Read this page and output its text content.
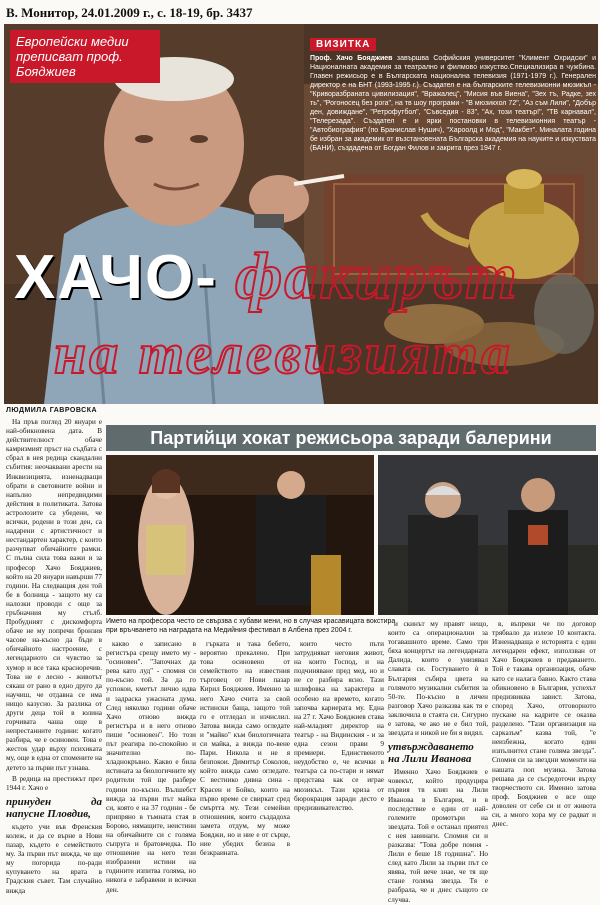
В. Монитор, 24.01.2009 г., с. 18-19, бр. 3437
Европейски медии преписват проф. Бояджиев
ВИЗИТКА
Проф. Хачо Бояджиев завършва Софийския университет "Климент Охридски" и Националната академия за театрално и филмово изкуство.Специализира в чужбина. Главен режисьор е в Българската национална телевизия (1971-1979 г.). Генерален директор е на БНТ (1993-1995 г.). Създател е на българските телевизионни мюзикъл - "Криворазбраната цивилизация", "Вражалец", "Мисия във Виена", "Зех тъ, Радке, зех ть", "Рогоносец без рога", на тв шоу програми - "В мюзикхол 72", "Аз съм Лили", "Добър ден, довиждане", "Ретрофутбол", "Съвседия - 83", "Ах, този театър!", "ТВ карнавал", "Телерезада". Създател е и ярки постановки в телевизионния театър - "Автобиография" (по Бранислав Нушич), "Хароолд и Мод", "Макбет". Миналата година бе избран за академик от възстановената Българска академия на науките и изкуствата (БАНИ), създадена от Богдан Филов и закрита през 1947 г.
ХАЧО- факирът
на телевизията
ЛЮДМИЛА ГАВРОВСКА

На пръв поглед 20 януари е най-обикновена дата. В действителност обаче камризмият пръст на съдбата с сбрал в нея редица скандални събития: неочаквани арести на Инквизицията, изненадващи обрати в световните войни и напълно непредвидими действия в политиката. Затова астролозите са убедени, че всички, родени в този ден, са надарени с артистичност и нестандартен характер, с които разчупват обичайните рамки. С пълна сила това важи и за професор Хачо Бояджиев, който на 20 януари навърши 77 години. На следващия ден той бе в болница - защото му са налозки проводи с още за гръбначния му стълб. Пробудният с дискомфорта обаче не му попречи бронзия часове на-късно да бъде в обичайното настроение, с легендарното си чувство за хумор и все така красноречив. Това не е лесно - животът сякаш от рано в едно друго да научиш, че отдавна се има нищо казусно. За разлика от други деца той в юлина горчивата чаша още в непрестанните години: когато разбира, че е осиновен. Това е жесток удар върху психиката му, още в една от спомените на детето за първи път узнава.

В редица на престижът през 1944 г. Хачо е

принуден да напусне Пловдив,

където учи във Френския колеж, и да се върне в Нови пазар, където е семейството му. За първи път вижда, че ще му погорида по-ради купуването на врата в Градския съвет. Там случайно вижда

Партийци хокат режисьора заради балерини
Името на професора често се свързва с хубави жени, но в случая красавицата вокстира при връчването на наградата на Медийния фестивал в Албена през 2004 г.

какво е записано в регистъра срещу името му - "осиновен". "Започнах да рева като луд" - спомня си по-късно той. За да го успокои, кметът лично идва и задраска ужасната дума. След няколко години обаче Хачо отново вижда регистъра и в него отново пише "осиновен". Но този път реагира по-спокойно и значително по-хладнокръвно. Какво е била истината за биологичните му родители той ще разбере години по-късно. Вълшебст вижда за първи път майка си, която е на 37 години - бе припряно в тъмната стая в Борово, нямащите, неистини на обичайните си с голяма съпруга и братовчедка. По отношение на него тези изобразени истини на годините изпитва голяма, но никога е забравени и всички ден.

гърката и така бебето, вероятно прекалено. При това осиновено от семейството на известния търговец от Нови пазар Кирил Бояджиев. Именно за него Хачо счита за свой истински баща, защото той го е отгледал и изчислил. Затова вижда само огледате и "майко" към биологичната си майка, а вижда по-вене Пари. Никола и не я безпокои. Димитър Соколов, който вижда само огледате. С вестнико дивна сина - Красен и Бойко, които на първо време се свиркат сред смъртта му. Тези семейни отношения, които създадоха замета отдум, му може Бояджи, но и ние е от сърце, ние убедих безиза в безкраината.

които често пъти затрудняват неговия живот, на които Господ, и на подчиняване пред мед, но и не се разбира ясно. Тази шлифовка на характера и особено на времето, когато започва кариерата му. Една на 27 г. Хачо Бояджиев става най-младият директор на театър - на Видинския - и за една сезон прави 9 премиери. Единственото неудобство е, че всички в театъра са по-стари и нямат представа как се играе мюзикъл. Тази криза от бюрокрация заради десто е предизвикателство.

и скинът му правят нещо, които са операционални за тогавашното време. Само три бяха концертът на легендарната Далида, които е унизявал славата си. Гостуването ѝ в България събира цвета на голямото музикални събития за 50-те. По-късно в личен разговор Хачо разказва как тя е заключила в стаята си. Сигурно е затова, че ако не е бил той, звездата и никой не би я видял.

утвърждаването на Лили Иванова

Именно Хачо Бояджиев е човекът, който продуцира първия тв клип на Лили Иванова в България, и в последствие е един от най-големите промотъри на звездата. Той е останал приятел с нея завинаги. Спомня си и разказва: "Това добре помня - Лили е беше 18 годишна". Но след като Лили за първи път се явява, той вече знае, че тя ще стане голяма звезда. Тя е разбрала, че и днес същото се случва.

в, въпреки че по договор трябвало да излезе 10 контакта. Изненадваща е историята с един легендарен ефект, използван от Хачо Бояджиев в предаването. Той е такава организация, обаче като се налага бавно. Както става обикновено в България, успехът предизвиква завист. Затова, според Хачо, отговорното пускане на кадрите се оказва разделено. "Тази организация на сарказъм" казва той, "е неизбежна, когато един изпълнител стане голяма звезда". Спомня си за звездни моменти на нашата поп музика. Затова решава да се съсредоточи върху творчеството си. Именно затова проф. Бояджиев е все още доволен от себе си и от живота си, а много хора му се радват и днес.
